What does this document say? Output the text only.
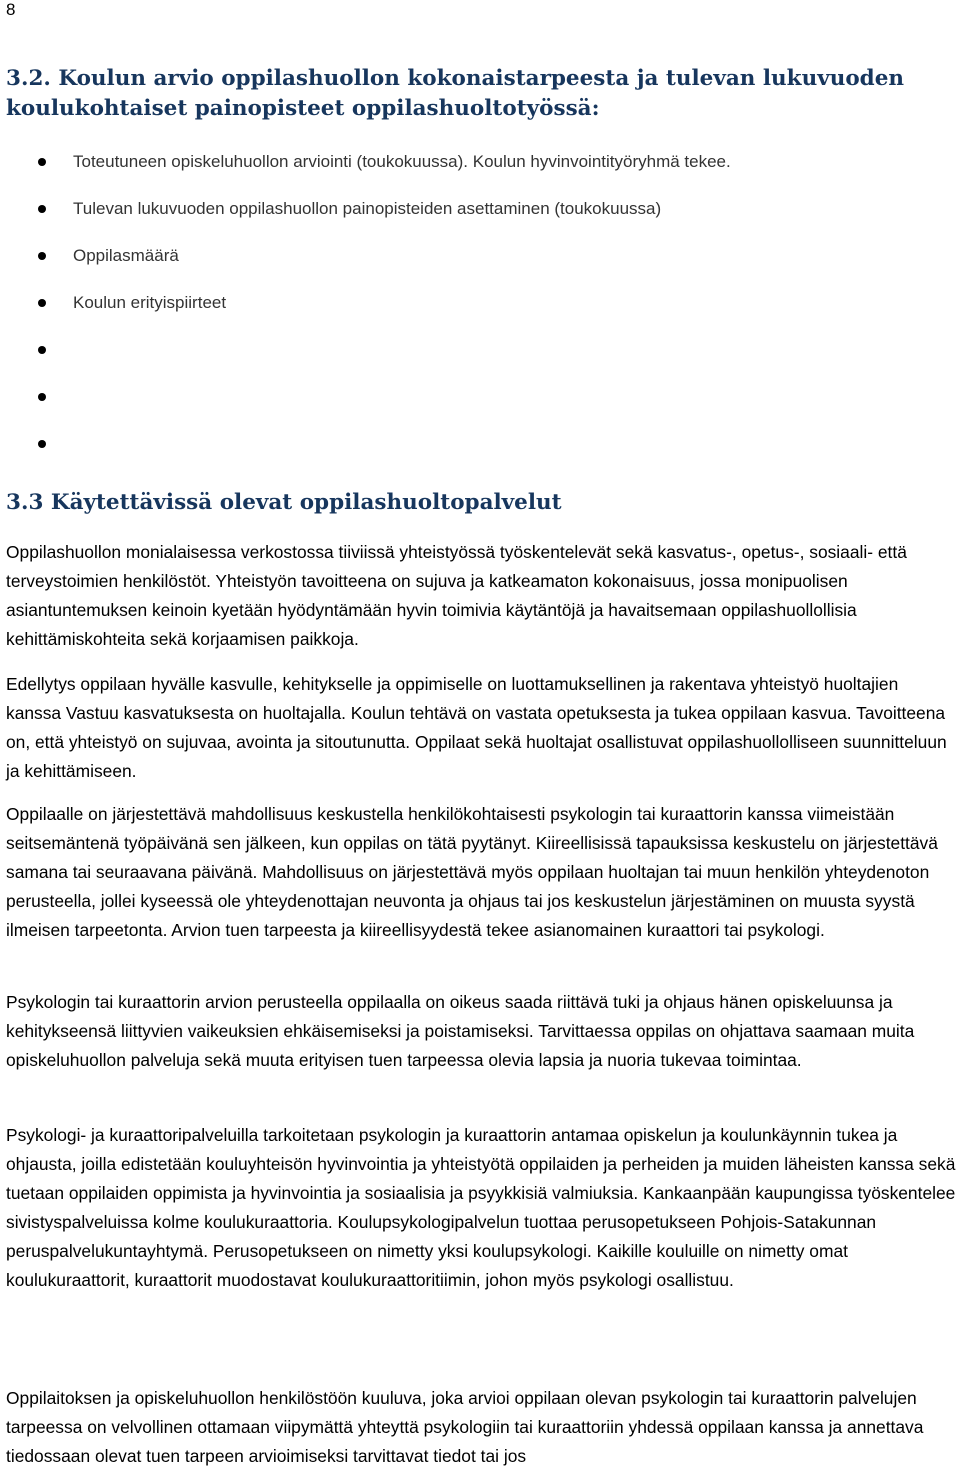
8
3.2. Koulun arvio oppilashuollon kokonaistarpeesta ja tulevan lukuvuoden koulukohtaiset painopisteet oppilashuoltotyössä:
Toteutuneen opiskeluhuollon arviointi (toukokuussa). Koulun hyvinvointityöryhmä tekee.
Tulevan lukuvuoden oppilashuollon painopisteiden asettaminen (toukokuussa)
Oppilasmäärä
Koulun erityispiirteet
3.3 Käytettävissä olevat oppilashuoltopalvelut

Oppilashuollon monialaisessa verkostossa tiiviissä yhteistyössä työskentelevät sekä kasvatus-, opetus-, sosiaali- että terveystoimien henkilöstöt. Yhteistyön tavoitteena on sujuva ja katkeamaton kokonaisuus, jossa monipuolisen asiantuntemuksen keinoin kyetään hyödyntämään hyvin toimivia käytäntöjä ja havaitsemaan oppilashuollollisia kehittämiskohteita sekä korjaamisen paikkoja.

Edellytys oppilaan hyvälle kasvulle, kehitykselle ja oppimiselle on luottamuksellinen ja rakentava yhteistyö huoltajien kanssa Vastuu kasvatuksesta on huoltajalla. Koulun tehtävä on vastata opetuksesta ja tukea oppilaan kasvua. Tavoitteena on, että yhteistyö on sujuvaa, avointa ja sitoutunutta. Oppilaat sekä huoltajat osallistuvat oppilashuollolliseen suunnitteluun ja kehittämiseen.

Oppilaalle on järjestettävä mahdollisuus keskustella henkilökohtaisesti psykologin tai kuraattorin kanssa viimeistään seitsemäntenä työpäivänä sen jälkeen, kun oppilas on tätä pyytänyt. Kiireellisissä tapauksissa keskustelu on järjestettävä samana tai seuraavana päivänä. Mahdollisuus on järjestettävä myös oppilaan huoltajan tai muun henkilön yhteydenoton perusteella, jollei kyseessä ole yhteydenottajan neuvonta ja ohjaus tai jos keskustelun järjestäminen on muusta syystä ilmeisen tarpeetonta. Arvion tuen tarpeesta ja kiireellisyydestä tekee asianomainen kuraattori tai psykologi.

Psykologin tai kuraattorin arvion perusteella oppilaalla on oikeus saada riittävä tuki ja ohjaus hänen opiskeluunsa ja kehitykseensä liittyvien vaikeuksien ehkäisemiseksi ja poistamiseksi. Tarvittaessa oppilas on ohjattava saamaan muita opiskeluhuollon palveluja sekä muuta erityisen tuen tarpeessa olevia lapsia ja nuoria tukevaa toimintaa.

Psykologi- ja kuraattoripalveluilla tarkoitetaan psykologin ja kuraattorin antamaa opiskelun ja koulunkäynnin tukea ja ohjausta, joilla edistetään kouluyhteisön hyvinvointia ja yhteistyötä oppilaiden ja perheiden ja muiden läheisten kanssa sekä tuetaan oppilaiden oppimista ja hyvinvointia ja sosiaalisia ja psyykkisiä valmiuksia. Kankaanpään kaupungissa työskentelee sivistyspalveluissa kolme koulukuraattoria. Koulupsykologipalvelun tuottaa perusopetukseen Pohjois-Satakunnan peruspalvelukuntayhtymä. Perusopetukseen on nimetty yksi koulupsykologi. Kaikille kouluille on nimetty omat koulukuraattorit, kuraattorit muodostavat koulukuraattoritiimin, johon myös psykologi osallistuu.

Oppilaitoksen ja opiskeluhuollon henkilöstöön kuuluva, joka arvioi oppilaan olevan psykologin tai kuraattorin palvelujen tarpeessa on velvollinen ottamaan viipymättä yhteyttä psykologiin tai kuraattoriin yhdessä oppilaan kanssa ja annettava tiedossaan olevat tuen tarpeen arvioimiseksi tarvittavat tiedot tai jos
